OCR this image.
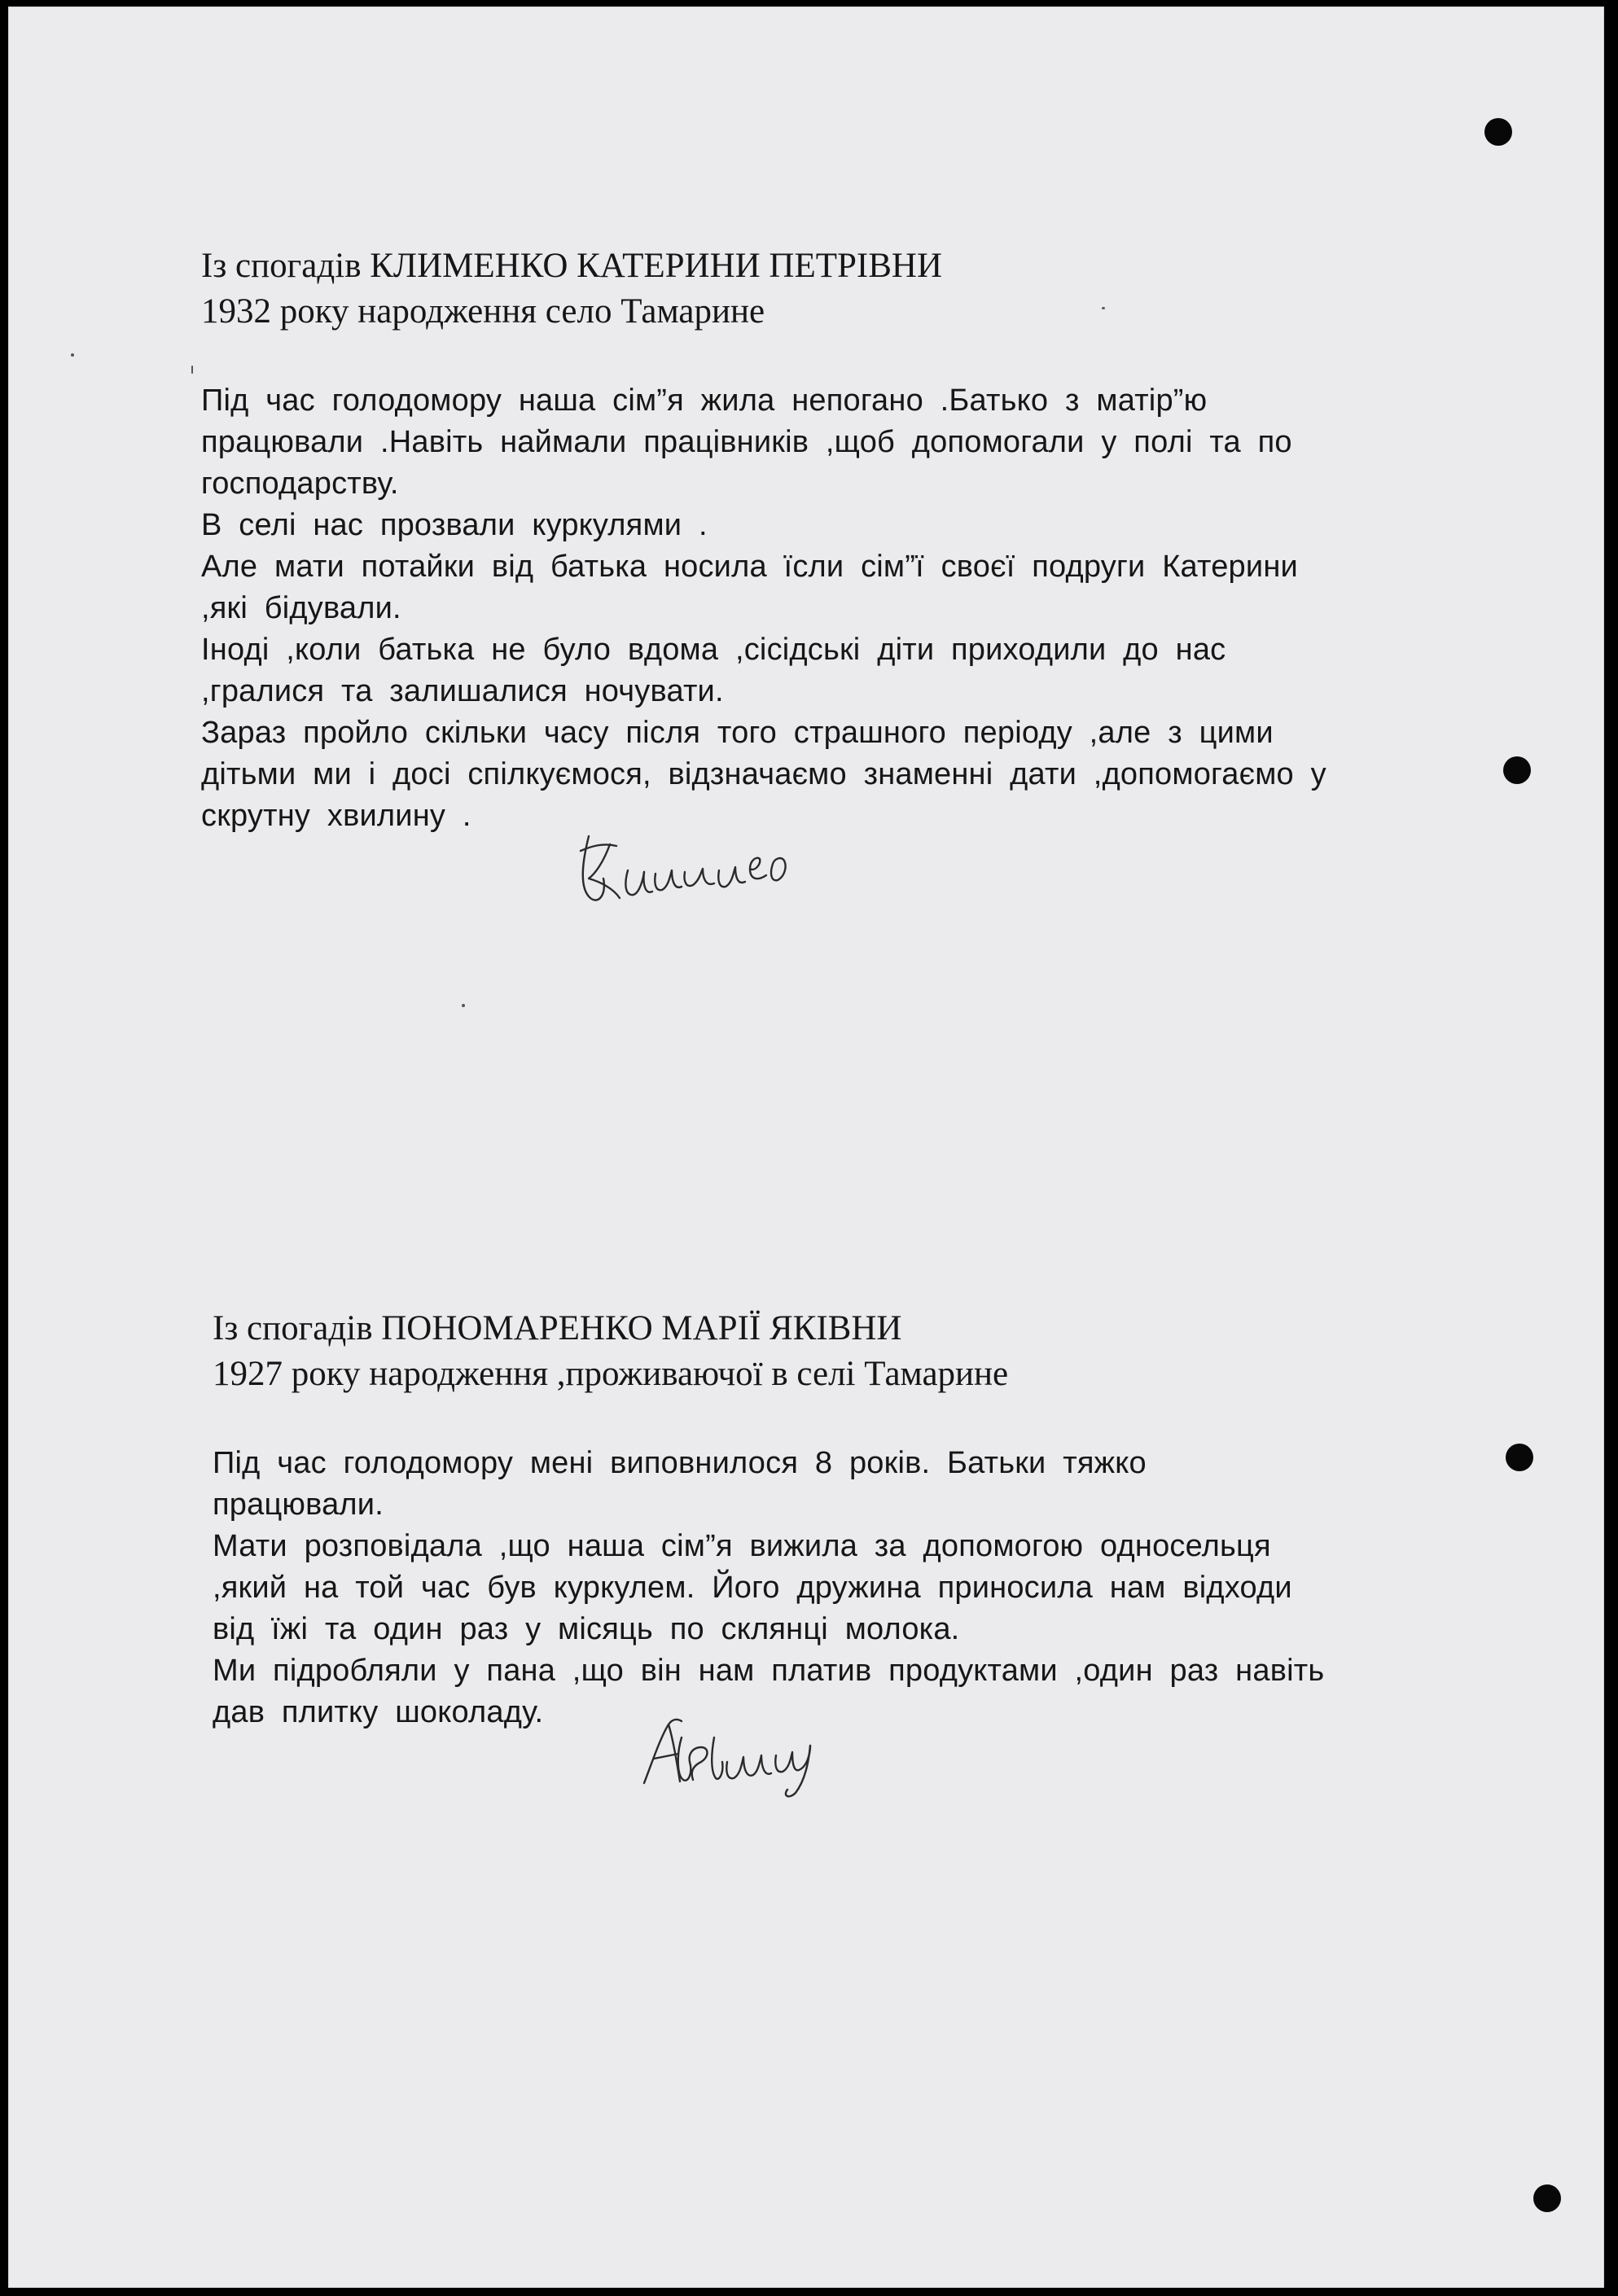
Із спогадів КЛИМЕНКО КАТЕРИНИ ПЕТРІВНИ
1932 року народження село Тамарине
Під час голодомору наша сім”я жила непогано .Батько з матір”ю
працювали .Навіть наймали працівників ,щоб допомогали у полі та по
господарству.
В селі нас прозвали куркулями .
Але мати потайки від батька носила їсли сім”ї своєї подруги Катерини
,які бідували.
Іноді ,коли батька не було вдома ,сісідські діти приходили до нас
,гралися та залишалися ночувати.
Зараз пройло скільки часу після того страшного періоду ,але з цими
дітьми ми і досі спілкуємося, відзначаємо знаменні дати ,допомогаємо у
скрутну хвилину .
Із спогадів ПОНОМАРЕНКО МАРІЇ ЯКІВНИ
1927 року народження ,проживаючої в селі Тамарине
Під час голодомору мені виповнилося 8 років. Батьки тяжко
працювали.
Мати розповідала ,що наша сім”я вижила за допомогою односельця
,який на той час був куркулем. Його дружина приносила нам відходи
від їжі та один раз у місяць по склянці молока.
Ми підробляли у пана ,що він нам платив продуктами ,один раз навіть
дав плитку шоколаду.
